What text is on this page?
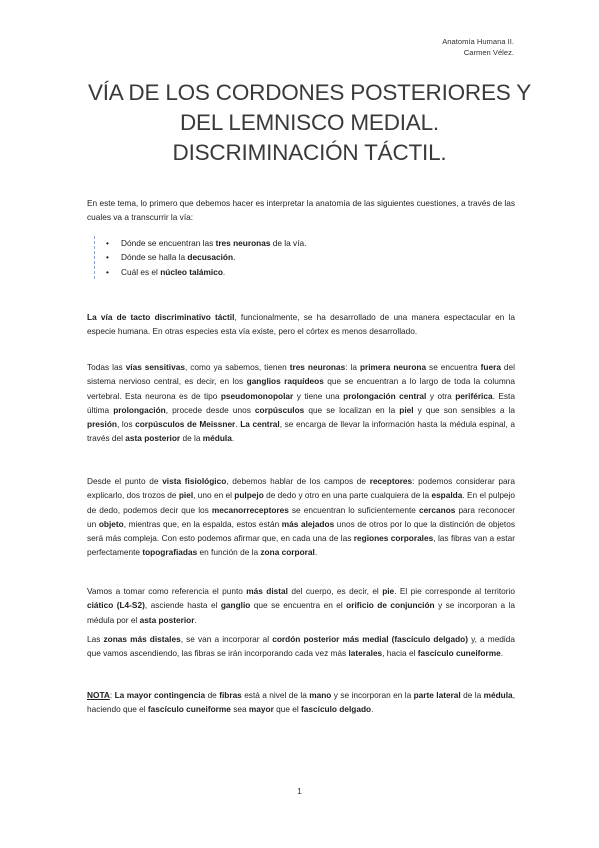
Anatomía Humana II.
Carmen Vélez.
VÍA DE LOS CORDONES POSTERIORES Y
DEL LEMNISCO MEDIAL.
DISCRIMINACIÓN TÁCTIL.

En este tema, lo primero que debemos hacer es interpretar la anatomía de las siguientes cuestiones, a través de las cuales va a transcurrir la vía:

• Dónde se encuentran las tres neuronas de la vía.
• Dónde se halla la decusación.
• Cuál es el núcleo talámico.

La vía de tacto discriminativo táctil, funcionalmente, se ha desarrollado de una manera espectacular en la especie humana. En otras especies esta vía existe, pero el córtex es menos desarrollado.

Todas las vías sensitivas, como ya sabemos, tienen tres neuronas: la primera neurona se encuentra fuera del sistema nervioso central, es decir, en los ganglios raquídeos que se encuentran a lo largo de toda la columna vertebral. Esta neurona es de tipo pseudomonopolar y tiene una prolongación central y otra periférica. Esta última prolongación, procede desde unos corpúsculos que se localizan en la piel y que son sensibles a la presión, los corpúsculos de Meissner. La central, se encarga de llevar la información hasta la médula espinal, a través del asta posterior de la médula.

Desde el punto de vista fisiológico, debemos hablar de los campos de receptores: podemos considerar para explicarlo, dos trozos de piel, uno en el pulpejo de dedo y otro en una parte cualquiera de la espalda. En el pulpejo de dedo, podemos decir que los mecanorreceptores se encuentran lo suficientemente cercanos para reconocer un objeto, mientras que, en la espalda, estos están más alejados unos de otros por lo que la distinción de objetos será más compleja. Con esto podemos afirmar que, en cada una de las regiones corporales, las fibras van a estar perfectamente topografiadas en función de la zona corporal.

Vamos a tomar como referencia el punto más distal del cuerpo, es decir, el pie. El pie corresponde al territorio ciático (L4-S2), asciende hasta el ganglio que se encuentra en el orificio de conjunción y se incorporan a la médula por el asta posterior.

Las zonas más distales, se van a incorporar al cordón posterior más medial (fascículo delgado) y, a medida que vamos ascendiendo, las fibras se irán incorporando cada vez más laterales, hacia el fascículo cuneiforme.

NOTA: La mayor contingencia de fibras está a nivel de la mano y se incorporan en la parte lateral de la médula, haciendo que el fascículo cuneiforme sea mayor que el fascículo delgado.

1
